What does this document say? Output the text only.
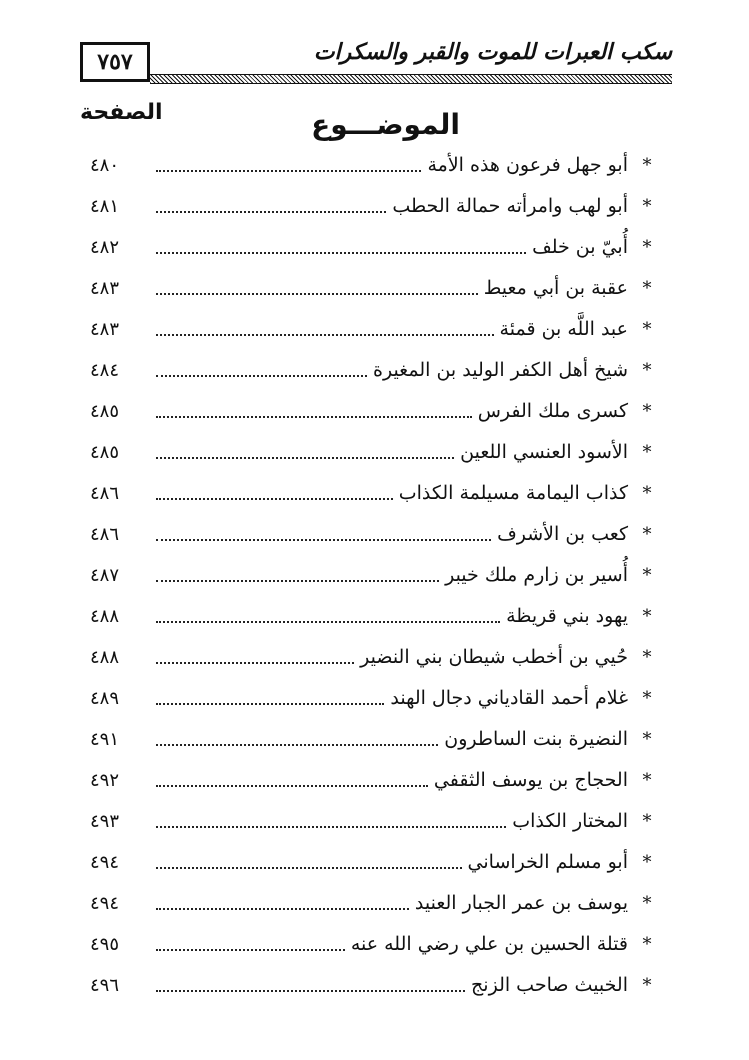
٧٥٧	سكب العبرات للموت والقبر والسكرات
الصفحة	الموضـــوع
*
أبو جهل فرعون هذه الأمة
٤٨٠
*
أبو لهب وامرأته حمالة الحطب
٤٨١
*
أُبيّ بن خلف
٤٨٢
*
عقبة بن أبي معيط
٤٨٣
*
عبد اللَّه بن قمئة
٤٨٣
*
شيخ أهل الكفر الوليد بن المغيرة
٤٨٤
*
كسرى ملك الفرس
٤٨٥
*
الأسود العنسي اللعين
٤٨٥
*
كذاب اليمامة مسيلمة الكذاب
٤٨٦
*
كعب بن الأشرف
٤٨٦
*
أُسير بن زارم ملك خيبر
٤٨٧
*
يهود بني قريظة
٤٨٨
*
حُيي بن أخطب شيطان بني النضير
٤٨٨
*
غلام أحمد القادياني دجال الهند
٤٨٩
*
النضيرة بنت الساطرون
٤٩١
*
الحجاج بن يوسف الثقفي
٤٩٢
*
المختار الكذاب
٤٩٣
*
أبو مسلم الخراساني
٤٩٤
*
يوسف بن عمر الجبار العنيد
٤٩٤
*
قتلة الحسين بن علي رضي الله عنه
٤٩٥
*
الخبيث صاحب الزنج
٤٩٦
